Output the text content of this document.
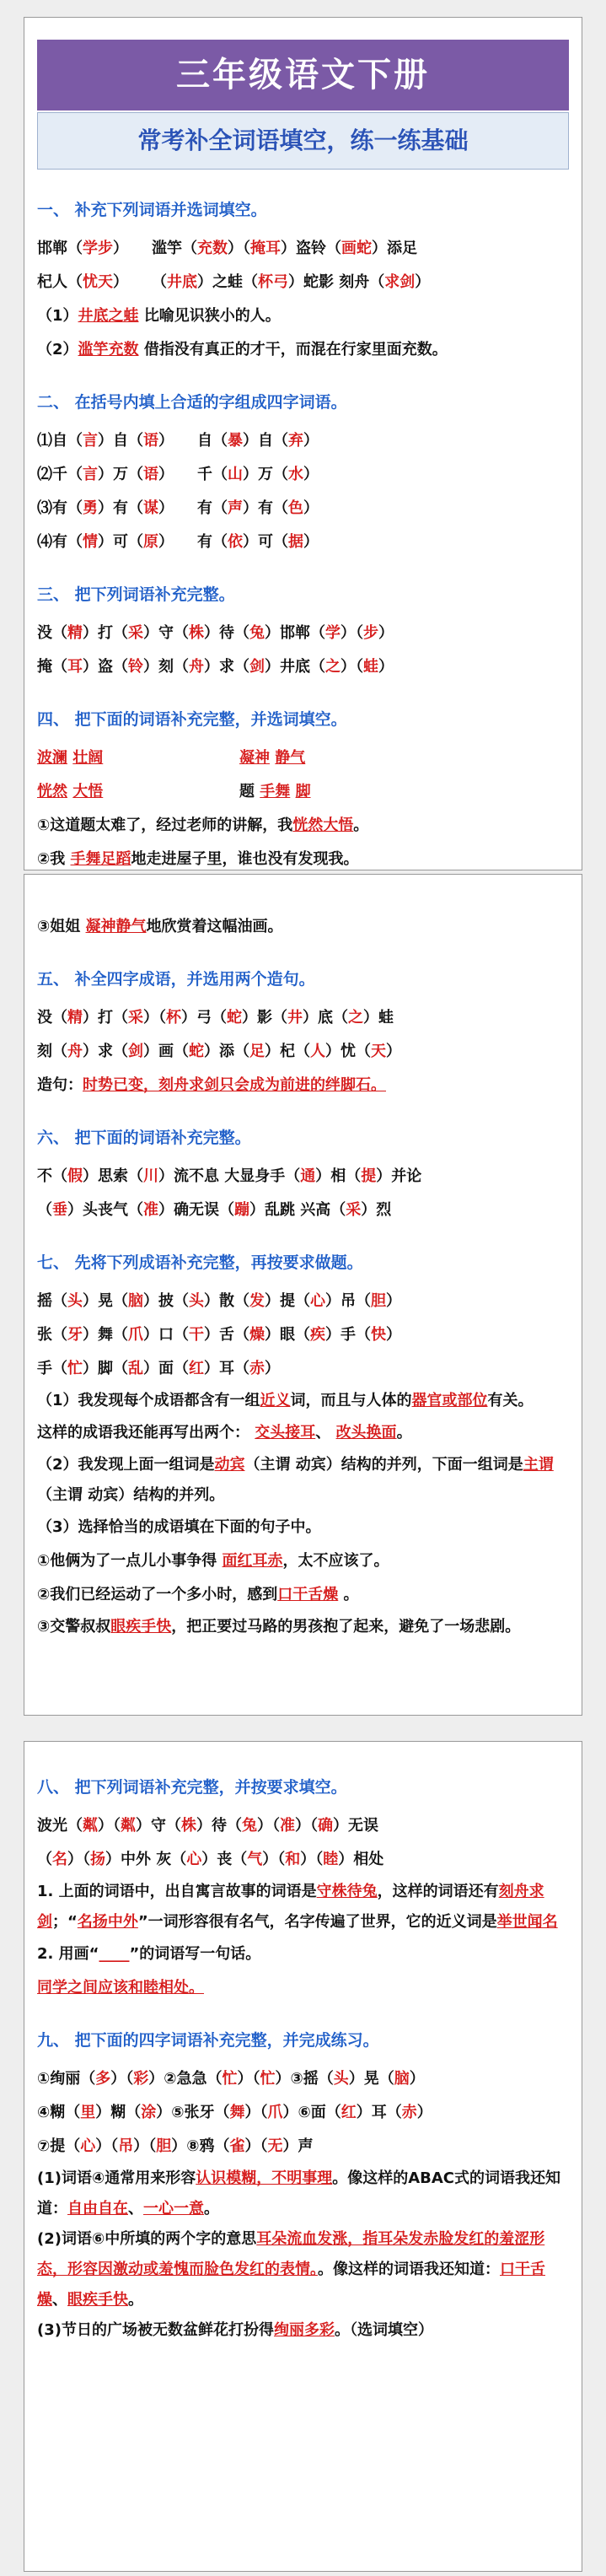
三年级语文下册
常考补全词语填空，练一练基础
一、 补充下列词语并选词填空。
邯郸（学步） 滥竽（充数）（掩耳）盗铃（画蛇）添足
杞人（忧天） （井底）之蛙（杯弓）蛇影 刻舟（求剑）
（1）井底之蛙 比喻见识狭小的人。
（2）滥竽充数 借指没有真正的才干，而混在行家里面充数。
二、 在括号内填上合适的字组成四字词语。
⑴自（言）自（语） 自（暴）自（弃）
⑵千（言）万（语） 千（山）万（水）
⑶有（勇）有（谋） 有（声）有（色）
⑷有（情）可（原） 有（依）可（据）
三、 把下列词语补充完整。
没（精）打（采）守（株）待（兔）邯郸（学）（步）
掩（耳）盗（铃）刻（舟）求（剑）井底（之）（蛙）
四、 把下面的词语补充完整，并选词填空。
波澜 壮阔	凝神 静气
恍然 大悟	题 手舞 脚
①这道题太难了，经过老师的讲解，我恍然大悟。
②我 手舞足蹈地走进屋子里，谁也没有发现我。
③姐姐 凝神静气地欣赏着这幅油画。
五、 补全四字成语，并选用两个造句。
没（精）打（采）（杯）弓（蛇）影（井）底（之）蛙
刻（舟）求（剑）画（蛇）添（足）杞（人）忧（天）
造句：时势已变，刻舟求剑只会成为前进的绊脚石。
六、 把下面的词语补充完整。
不（假）思索（川）流不息 大显身手（通）相（提）并论
（垂）头丧气（准）确无误（蹦）乱跳 兴高（采）烈
七、 先将下列成语补充完整，再按要求做题。
摇（头）晃（脑）披（头）散（发）提（心）吊（胆）
张（牙）舞（爪）口（干）舌（燥）眼（疾）手（快）
手（忙）脚（乱）面（红）耳（赤）
（1）我发现每个成语都含有一组近义词，而且与人体的器官或部位有关。
这样的成语我还能再写出两个： 交头接耳、 改头换面。
（2）我发现上面一组词是动宾（主谓 动宾）结构的并列，下面一组词是主谓（主谓 动宾）结构的并列。
（3）选择恰当的成语填在下面的句子中。
①他俩为了一点儿小事争得 面红耳赤，太不应该了。
②我们已经运动了一个多小时，感到口干舌燥 。
③交警叔叔眼疾手快，把正要过马路的男孩抱了起来，避免了一场悲剧。
八、 把下列词语补充完整，并按要求填空。
波光（粼）（粼）守（株）待（兔）（准）（确）无误
（名）（扬）中外 灰（心）丧（气）（和）（睦）相处
1. 上面的词语中，出自寓言故事的词语是守株待兔，这样的词语还有刻舟求剑；“名扬中外”一词形容很有名气，名字传遍了世界，它的近义词是举世闻名
2. 用画“____”的词语写一句话。
同学之间应该和睦相处。
九、 把下面的四字词语补充完整，并完成练习。
①绚丽（多）（彩）②急急（忙）（忙）③摇（头）晃（脑）
④糊（里）糊（涂）⑤张牙（舞）（爪）⑥面（红）耳（赤）
⑦提（心）（吊）（胆）⑧鸦（雀）（无）声
(1)词语④通常用来形容认识模糊，不明事理。像这样的ABAC式的词语我还知道：自由自在、一心一意。
(2)词语⑥中所填的两个字的意思耳朵流血发涨，指耳朵发赤脸发红的羞涩形态，形容因激动或羞愧而脸色发红的表情。。像这样的词语我还知道：口干舌燥、眼疾手快。
(3)节日的广场被无数盆鲜花打扮得绚丽多彩。（选词填空）
